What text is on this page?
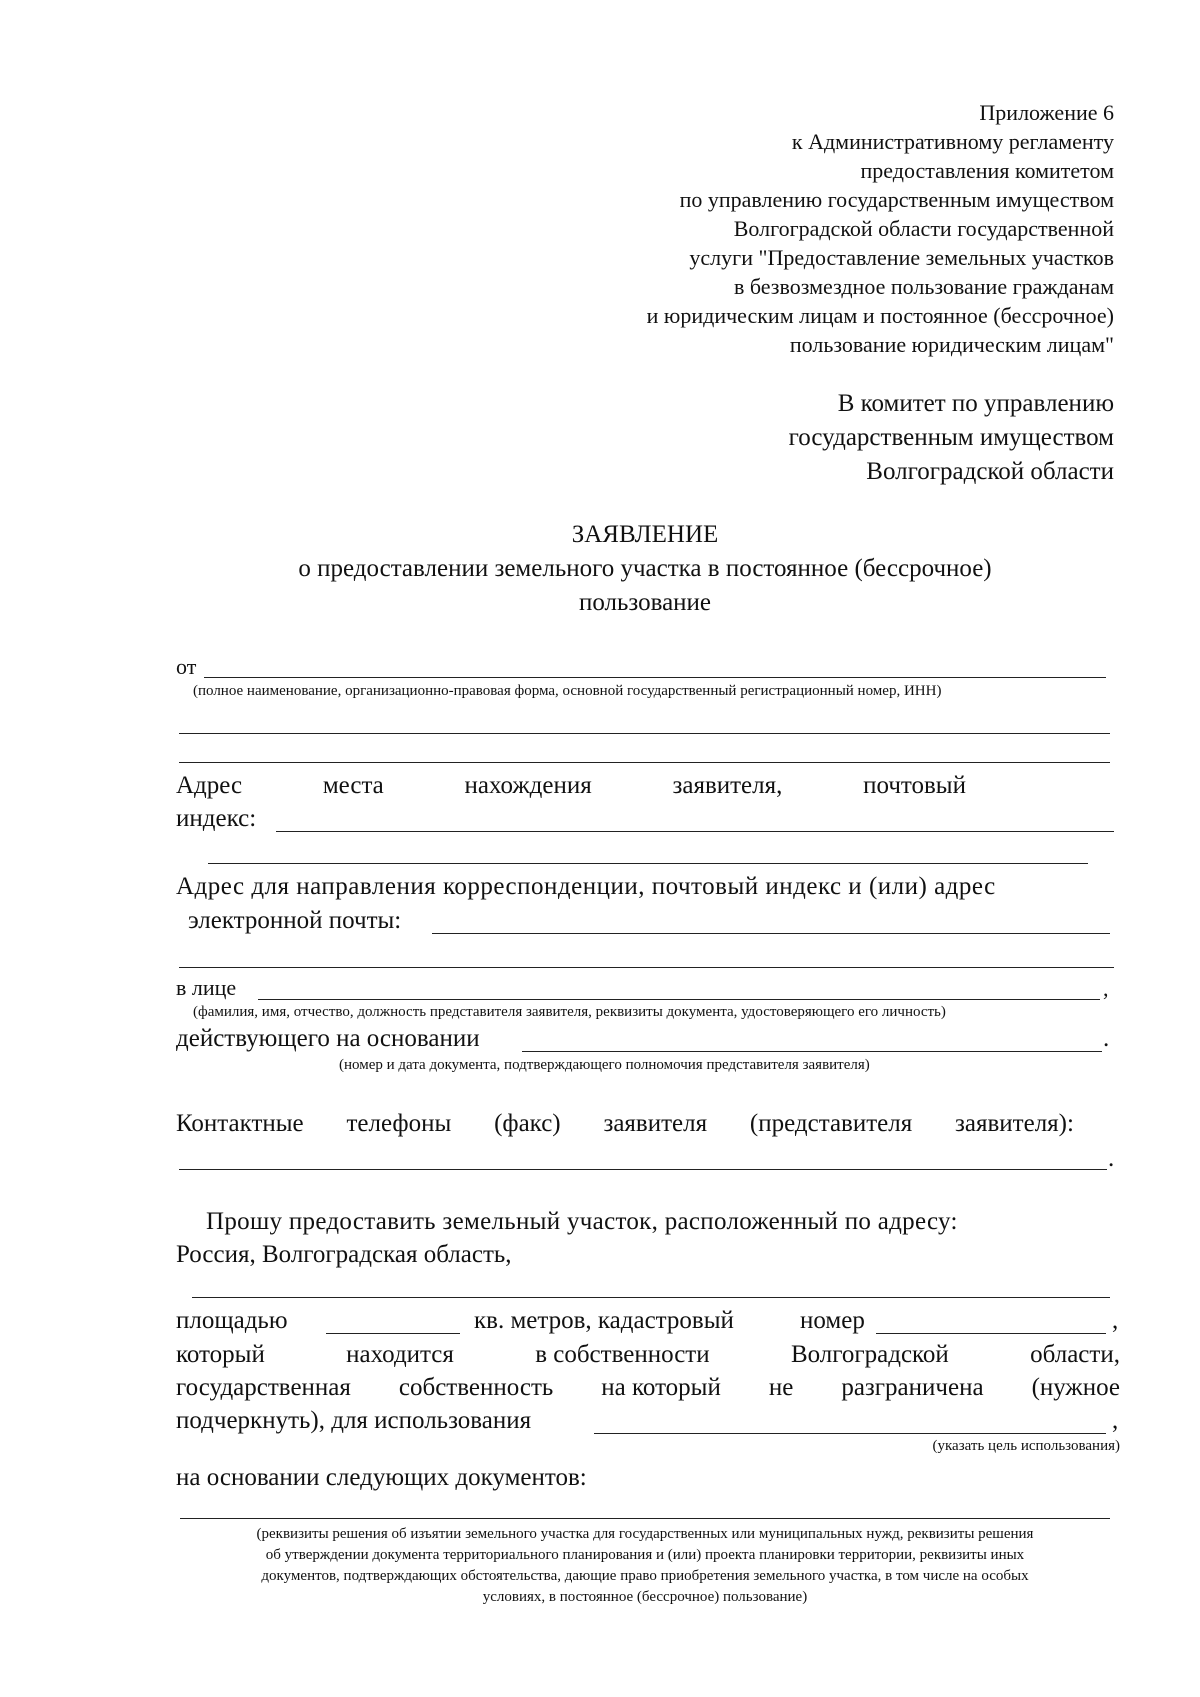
Приложение 6
к Административному регламенту
предоставления комитетом
по управлению государственным имуществом
Волгоградской области государственной
услуги "Предоставление земельных участков
в безвозмездное пользование гражданам
и юридическим лицам и постоянное (бессрочное)
пользование юридическим лицам"
В комитет по управлению
государственным имуществом
Волгоградской области
ЗАЯВЛЕНИЕ
о предоставлении земельного участка в постоянное (бессрочное)
пользование
от
(полное наименование, организационно-правовая форма, основной государственный регистрационный номер, ИНН)
Адрес	места	нахождения	заявителя,	почтовый
индекс:
Адрес для направления корреспонденции, почтовый индекс и (или) адрес
электронной почты:
в лице	,
(фамилия, имя, отчество, должность представителя заявителя, реквизиты документа, удостоверяющего его личность)
действующего на основании	.
(номер и дата документа, подтверждающего полномочия представителя заявителя)
Контактные телефоны (факс) заявителя (представителя заявителя):
.
Прошу предоставить земельный участок, расположенный по адресу:
Россия, Волгоградская область,
площадью	кв. метров, кадастровый	номер	,
который	находится	в собственности	Волгоградской	области,
государственная собственность на который не разграничена (нужное
подчеркнуть), для использования	,
(указать цель использования)
на основании следующих документов:
(реквизиты решения об изъятии земельного участка для государственных или муниципальных нужд, реквизиты решения
об утверждении документа территориального планирования и (или) проекта планировки территории, реквизиты иных
документов, подтверждающих обстоятельства, дающие право приобретения земельного участка, в том числе на особых
условиях, в постоянное (бессрочное) пользование)
